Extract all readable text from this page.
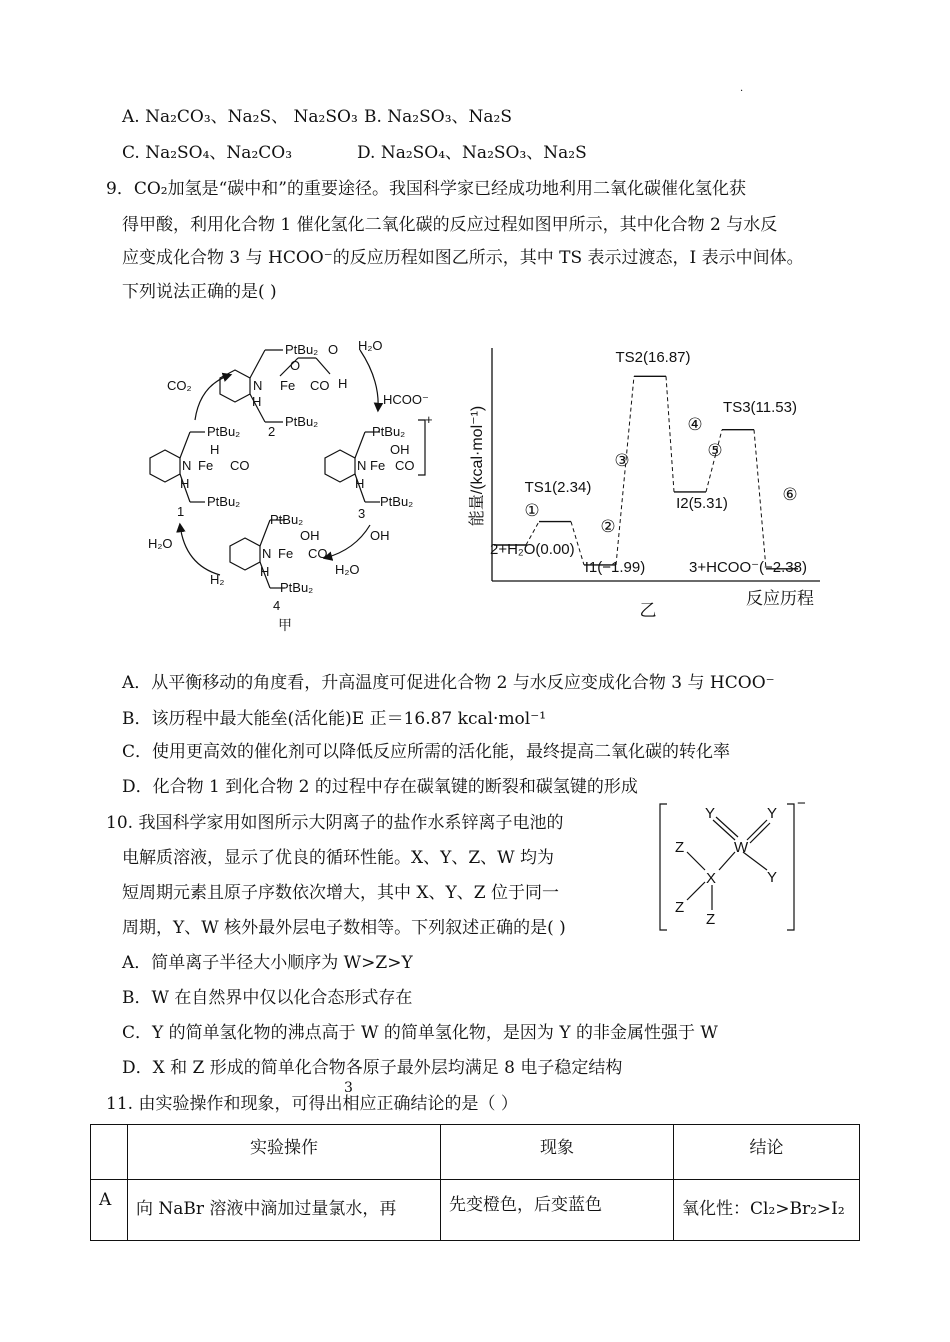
·
A. Na₂CO₃、Na₂S、 Na₂SO₃ B. Na₂SO₃、Na₂S
C. Na₂SO₄、Na₂CO₃	D. Na₂SO₄、Na₂SO₃、Na₂S
9．CO₂加氢是“碳中和”的重要途径。我国科学家已经成功地利用二氧化碳催化氢化获
得甲酸，利用化合物 1 催化氢化二氧化碳的反应过程如图甲所示，其中化合物 2 与水反
应变成化合物 3 与 HCOO⁻的反应历程如图乙所示，其中 TS 表示过渡态，I 表示中间体。
下列说法正确的是( )
PtBu₂
N Fe CO H
H
O
O
PtBu₂
2
CO₂
H₂O
HCOO⁻
+
PtBu₂
N Fe CO
H
H
PtBu₂
1
PtBu₂
N Fe CO
OH
H
PtBu₂
3
PtBu₂
N Fe CO
OH
H
PtBu₂
4
OH
H₂O
H₂O
H₂
甲
能量/(kcal·mol⁻¹)
反应历程
乙
2+H₂O(0.00)
TS1(2.34)
I1(−1.99)
TS2(16.87)
I2(5.31)
TS3(11.53)
3+HCOO⁻(−2.38)
①
②
③
④
⑤
⑥
A．从平衡移动的角度看，升高温度可促进化合物 2 与水反应变成化合物 3 与 HCOO⁻
B．该历程中最大能垒(活化能)E 正＝16.87 kcal·mol⁻¹
C．使用更高效的催化剂可以降低反应所需的活化能，最终提高二氧化碳的转化率
D．化合物 1 到化合物 2 的过程中存在碳氧键的断裂和碳氢键的形成
10. 我国科学家用如图所示大阴离子的盐作水系锌离子电池的
电解质溶液，显示了优良的循环性能。X、Y、Z、W 均为
短周期元素且原子序数依次增大，其中 X、Y、Z 位于同一
周期，Y、W 核外最外层电子数相等。下列叙述正确的是( )
Y	Y
W
Y
Z
X
Z
Z
−
A．简单离子半径大小顺序为 W>Z>Y
B．W 在自然界中仅以化合态形式存在
C．Y 的简单氢化物的沸点高于 W 的简单氢化物，是因为 Y 的非金属性强于 W
D．X 和 Z 形成的简单化合物各原子最外层均满足 8 电子稳定结构
3
11. 由实验操作和现象，可得出相应正确结论的是（ ）
	实验操作	现象	结论
A	向 NaBr 溶液中滴加过量氯水，再	先变橙色，后变蓝色	氧化性：Cl₂>Br₂>I₂
